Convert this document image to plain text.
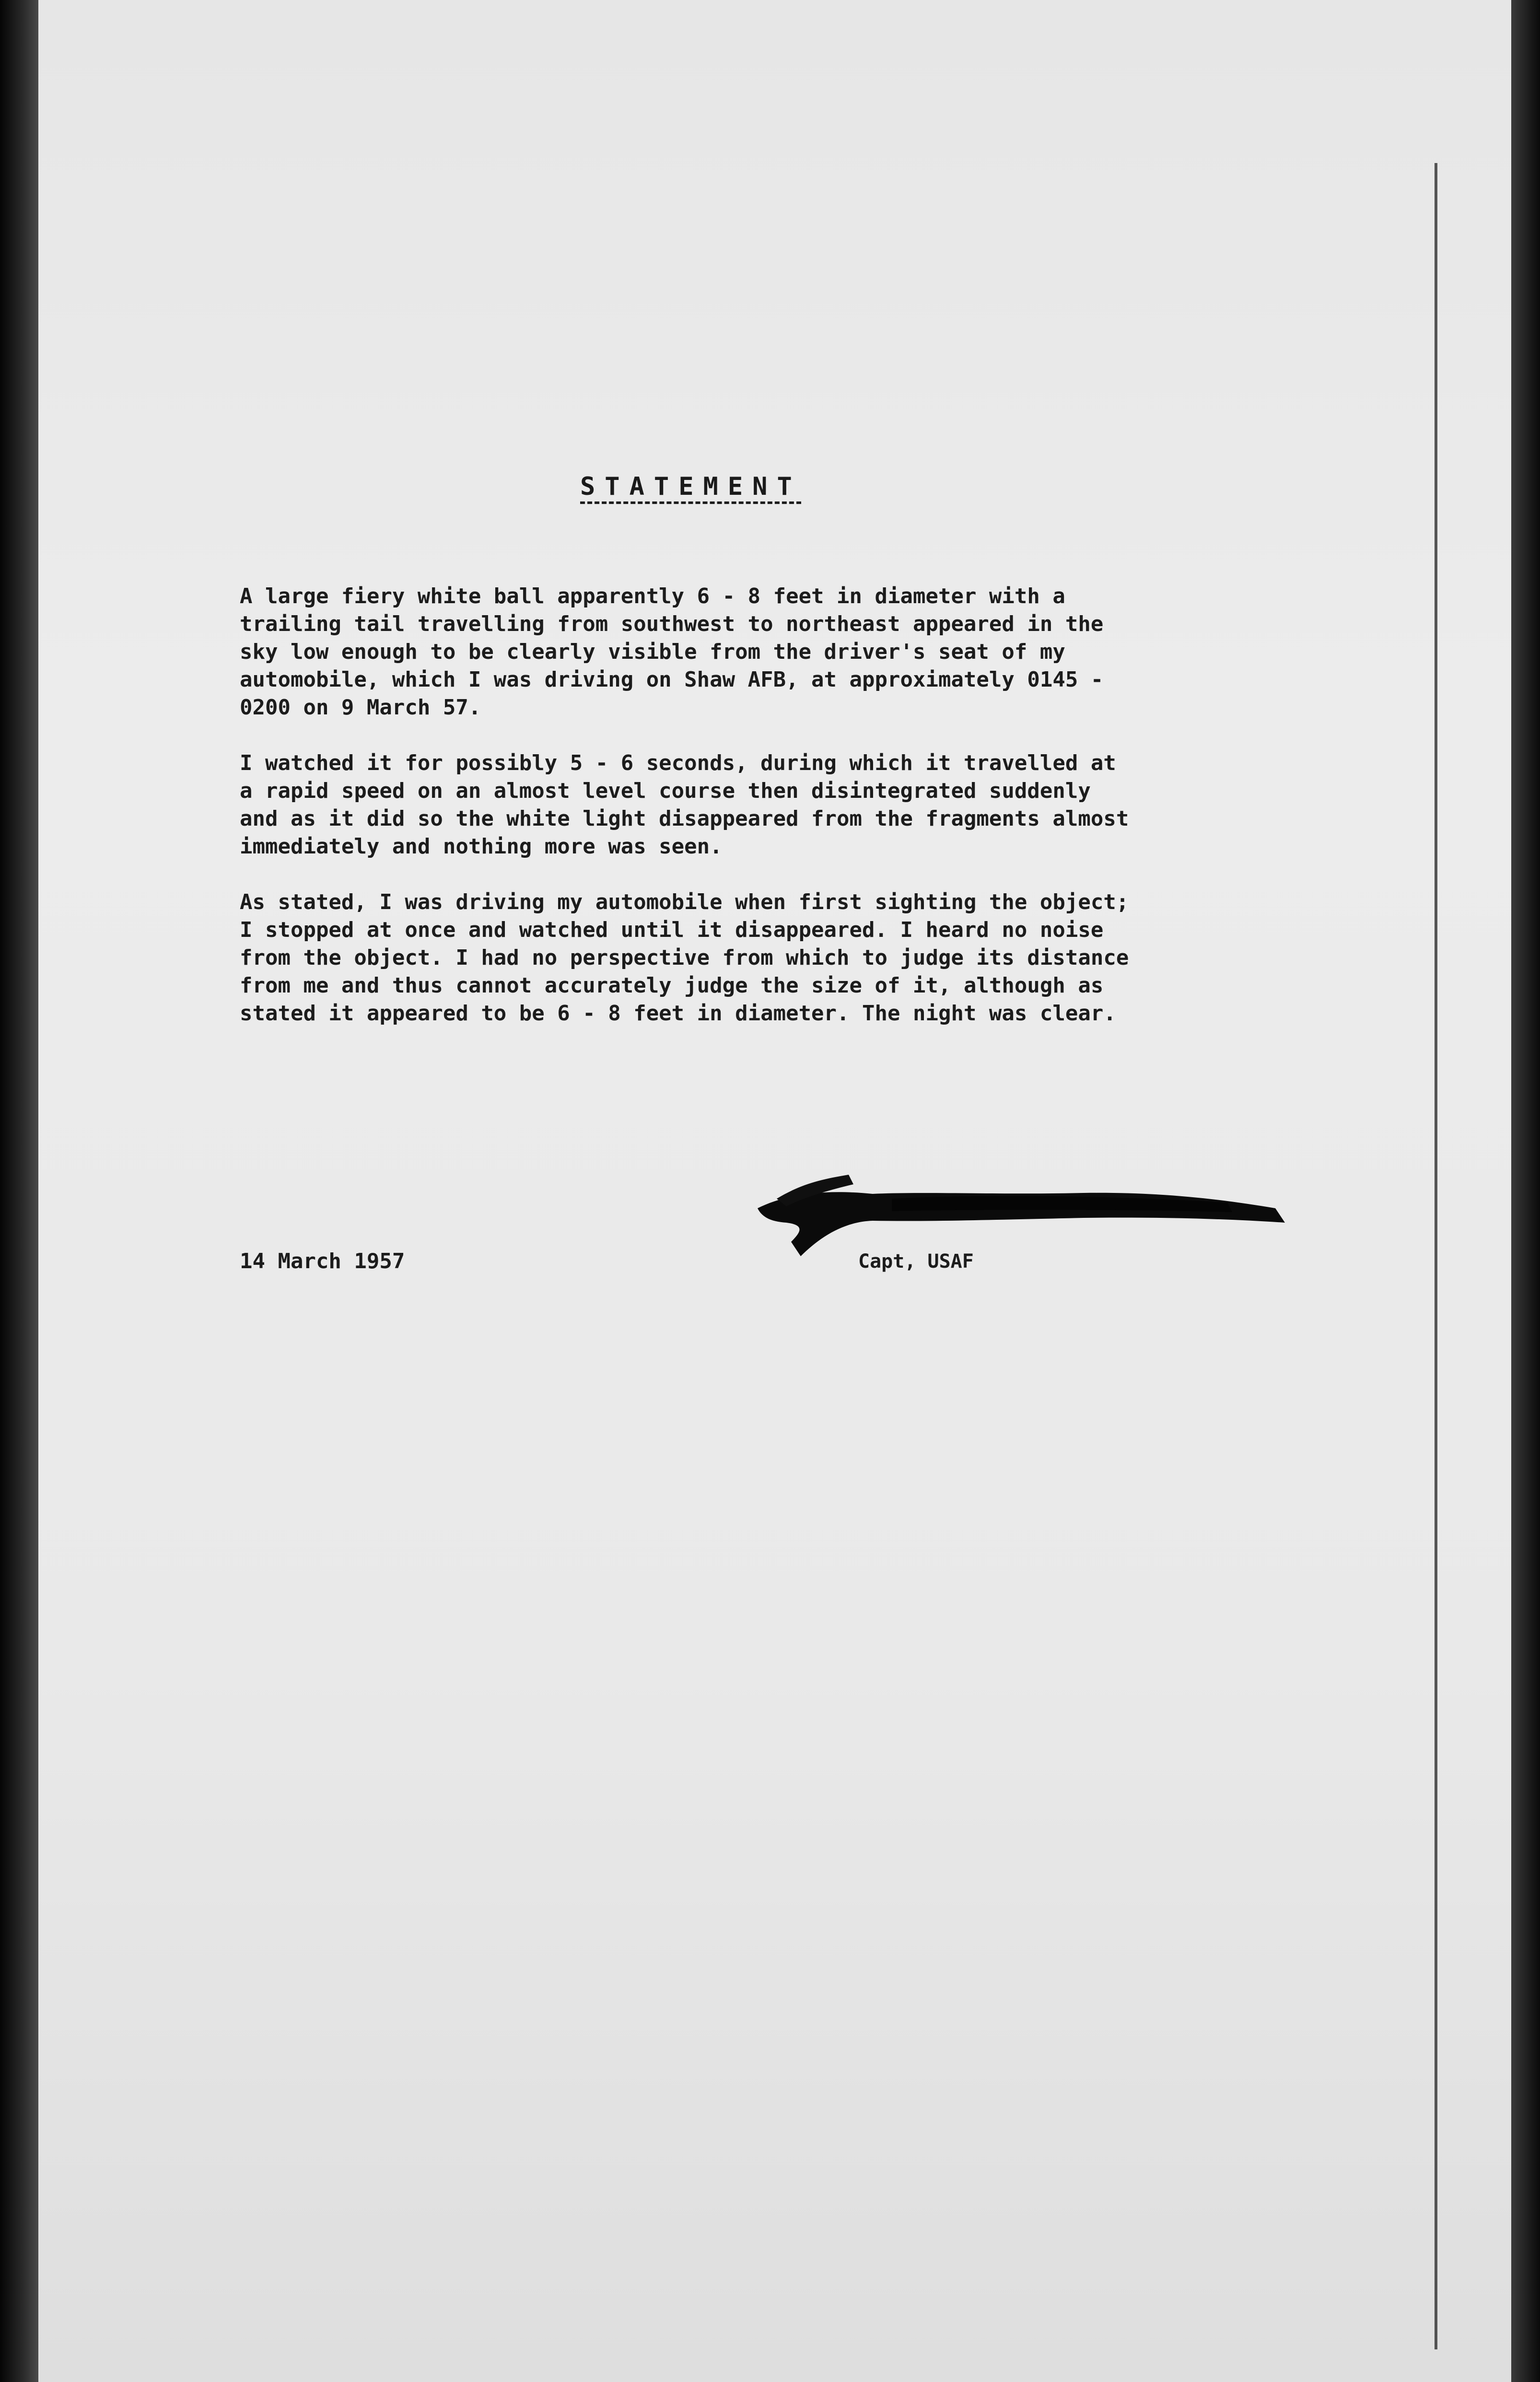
STATEMENT

A large fiery white ball apparently 6 - 8 feet in diameter with a
trailing tail travelling from southwest to northeast appeared in the
sky low enough to be clearly visible from the driver's seat of my
automobile, which I was driving on Shaw AFB, at approximately 0145 -
0200 on 9 March 57.

I watched it for possibly 5 - 6 seconds, during which it travelled at
a rapid speed on an almost level course then disintegrated suddenly
and as it did so the white light disappeared from the fragments almost
immediately and nothing more was seen.

As stated, I was driving my automobile when first sighting the object;
I stopped at once and watched until it disappeared. I heard no noise
from the object. I had no perspective from which to judge its distance
from me and thus cannot accurately judge the size of it, although as
stated it appeared to be 6 - 8 feet in diameter. The night was clear.

14 March 1957	Capt, USAF
